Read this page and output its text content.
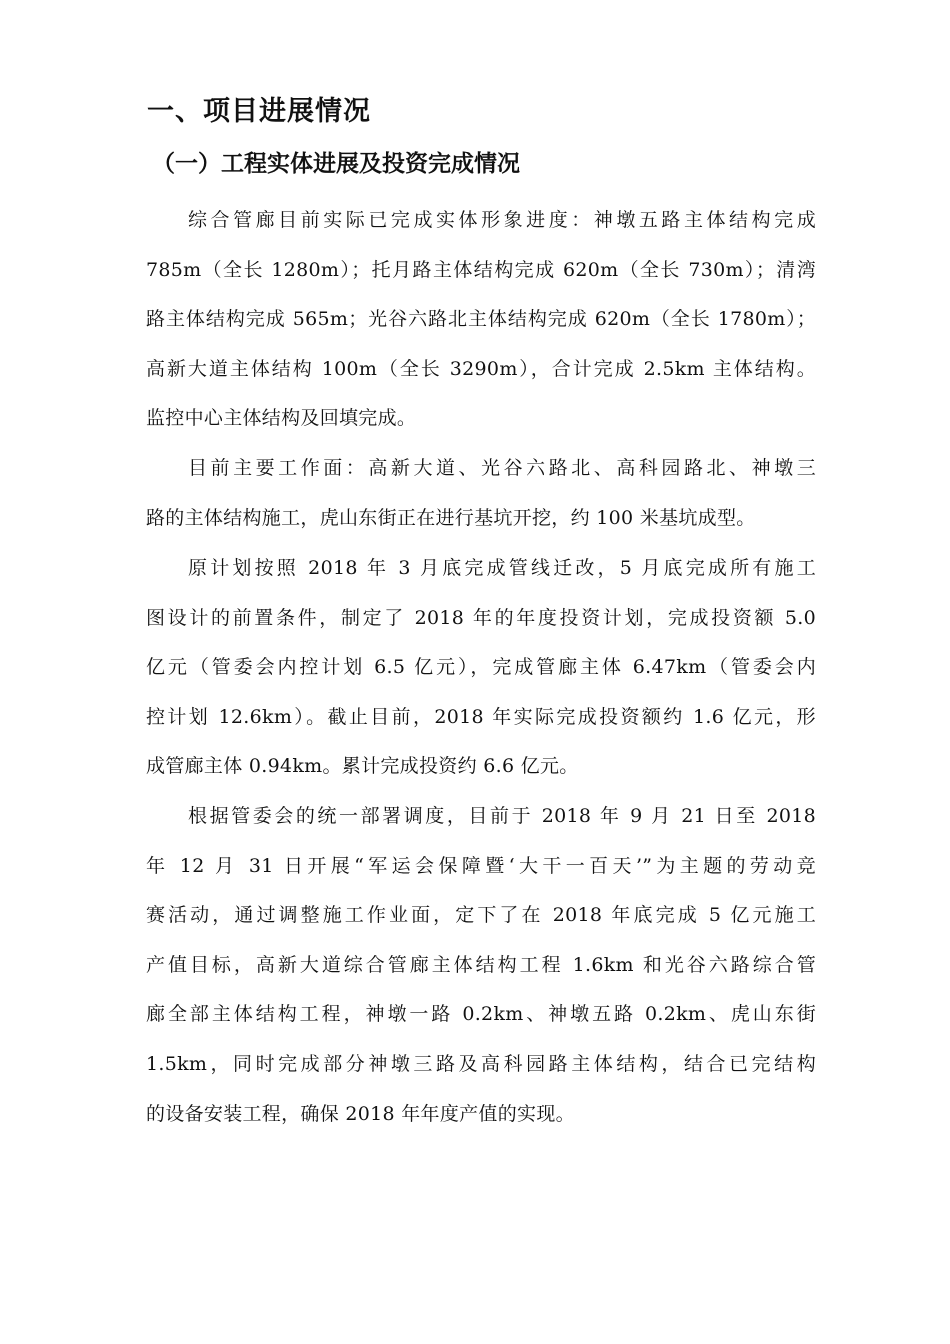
一、项目进展情况
（一）工程实体进展及投资完成情况
综合管廊目前实际已完成实体形象进度：神墩五路主体结构完成
785m（全长 1280m）；托月路主体结构完成 620m（全长 730m）；清湾
路主体结构完成 565m；光谷六路北主体结构完成 620m（全长 1780m）；
高新大道主体结构 100m（全长 3290m），合计完成 2.5km 主体结构。
监控中心主体结构及回填完成。
目前主要工作面：高新大道、光谷六路北、高科园路北、神墩三
路的主体结构施工，虎山东街正在进行基坑开挖，约 100 米基坑成型。
原计划按照 2018 年 3 月底完成管线迁改，5 月底完成所有施工
图设计的前置条件，制定了 2018 年的年度投资计划，完成投资额 5.0
亿元（管委会内控计划 6.5 亿元），完成管廊主体 6.47km（管委会内
控计划 12.6km）。截止目前，2018 年实际完成投资额约 1.6 亿元，形
成管廊主体 0.94km。累计完成投资约 6.6 亿元。
根据管委会的统一部署调度，目前于 2018 年 9 月 21 日至 2018
年 12 月 31 日开展“军运会保障暨‘大干一百天’”为主题的劳动竞
赛活动，通过调整施工作业面，定下了在 2018 年底完成 5 亿元施工
产值目标，高新大道综合管廊主体结构工程 1.6km 和光谷六路综合管
廊全部主体结构工程，神墩一路 0.2km、神墩五路 0.2km、虎山东街
1.5km，同时完成部分神墩三路及高科园路主体结构，结合已完结构
的设备安装工程，确保 2018 年年度产值的实现。
